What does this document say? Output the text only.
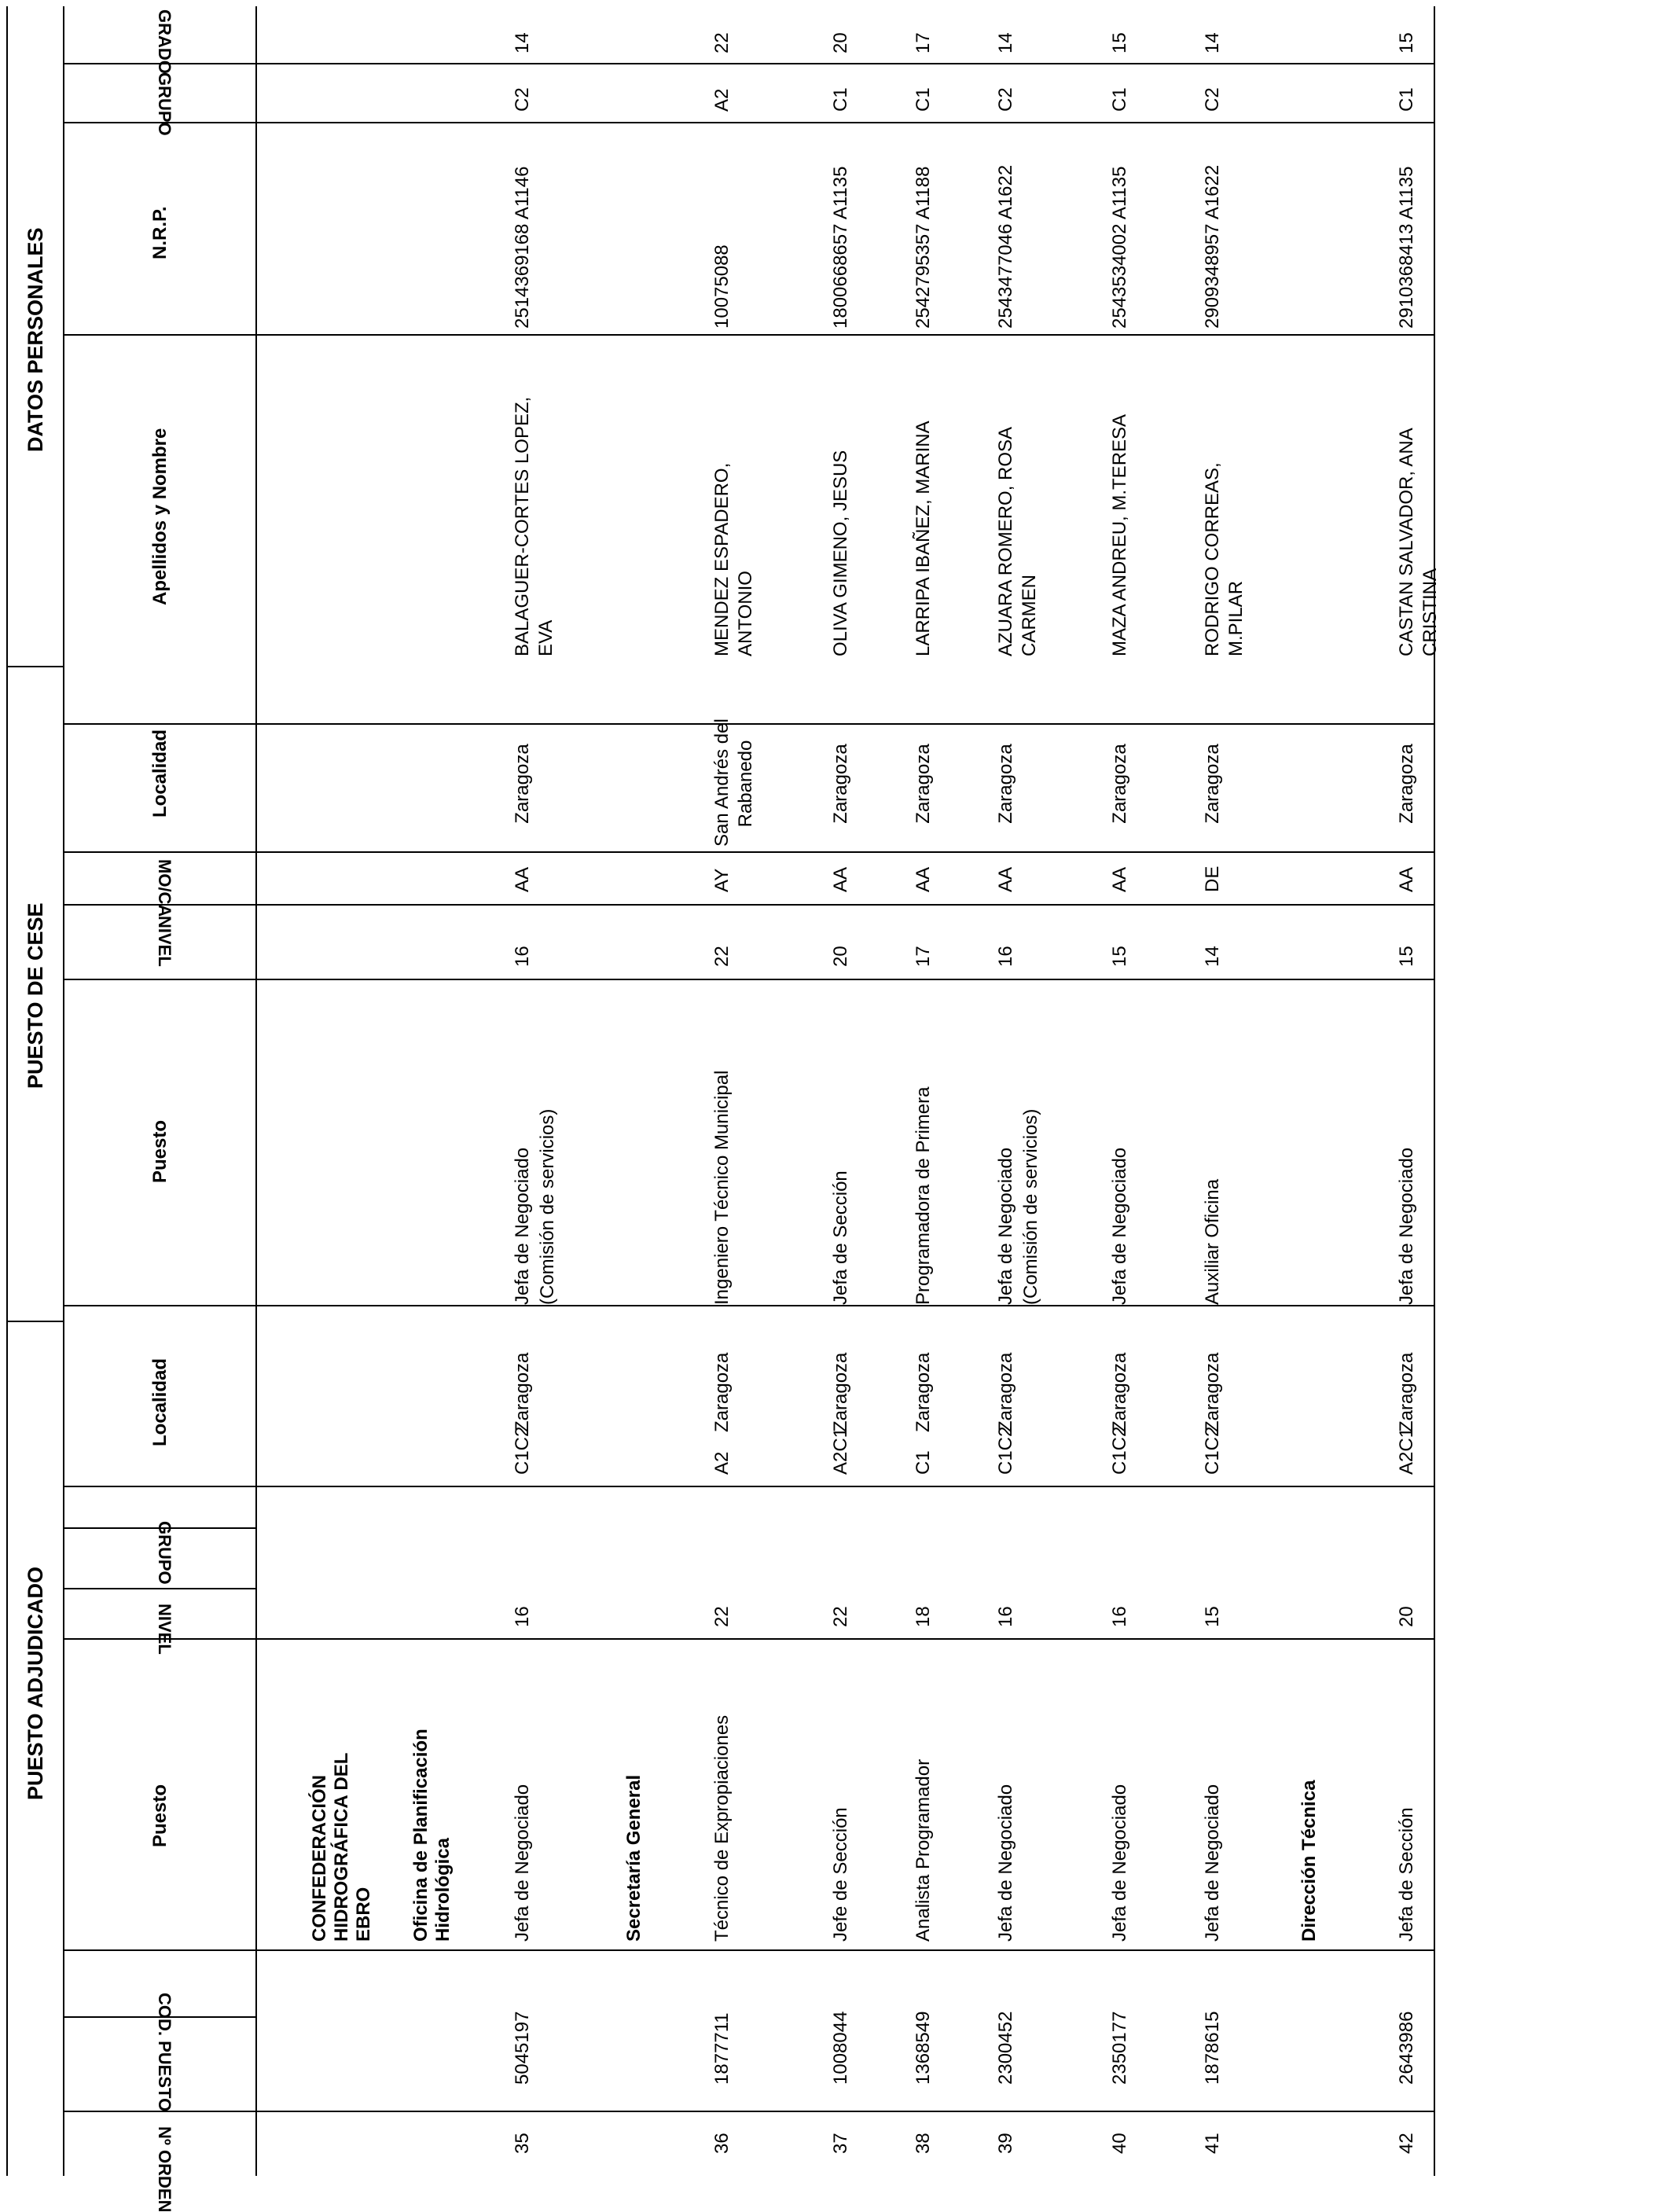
PUESTO ADJUDICADO
PUESTO DE CESE
DATOS PERSONALES
Puesto
Localidad
Puesto
Localidad
Apellidos y Nombre
N.R.P.
Nº ORDEN
COD. PUESTO
NIVEL
GRUPO
NIVEL
MO/CA
GRUPO
GRADO
CONFEDERACIÓN HIDROGRÁFICA DEL EBRO Oficina de Planificación Hidrológica	Secretaría General	Dirección Técnica
35
5045197
Jefa de Negociado
16
C1C2
Zaragoza
Jefa de Negociado (Comisión de servicios)
16
AA
Zaragoza
BALAGUER-CORTES LOPEZ, EVA
2514369168 A1146
C2
14
36
1877711
Técnico de Expropiaciones
22
A2
Zaragoza
Ingeniero Técnico Municipal
22
AY
San Andrés del Rabanedo
MENDEZ ESPADERO, ANTONIO
10075088
A2
22
37
1008044
Jefe de Sección
22
A2C1
Zaragoza
Jefa de Sección
20
AA
Zaragoza
OLIVA GIMENO, JESUS
1800668657 A1135
C1
20
38
1368549
Analista Programador
18
C1
Zaragoza
Programadora de Primera
17
AA
Zaragoza
LARRIPA IBAÑEZ, MARINA
2542795357 A1188
C1
17
39
2300452
Jefa de Negociado
16
C1C2
Zaragoza
Jefa de Negociado (Comisión de servicios)
16
AA
Zaragoza
AZUARA ROMERO, ROSA CARMEN
2543477046 A1622
C2
14
40
2350177
Jefa de Negociado
16
C1C2
Zaragoza
Jefa de Negociado
15
AA
Zaragoza
MAZA ANDREU, M.TERESA
2543534002 A1135
C1
15
41
1878615
Jefa de Negociado
15
C1C2
Zaragoza
Auxiliar Oficina
14
DE
Zaragoza
RODRIGO CORREAS, M.PILAR
2909348957 A1622
C2
14
42
2643986
Jefa de Sección
20
A2C1
Zaragoza
Jefa de Negociado
15
AA
Zaragoza
CASTAN SALVADOR, ANA CRISTINA
2910368413 A1135
C1
15
